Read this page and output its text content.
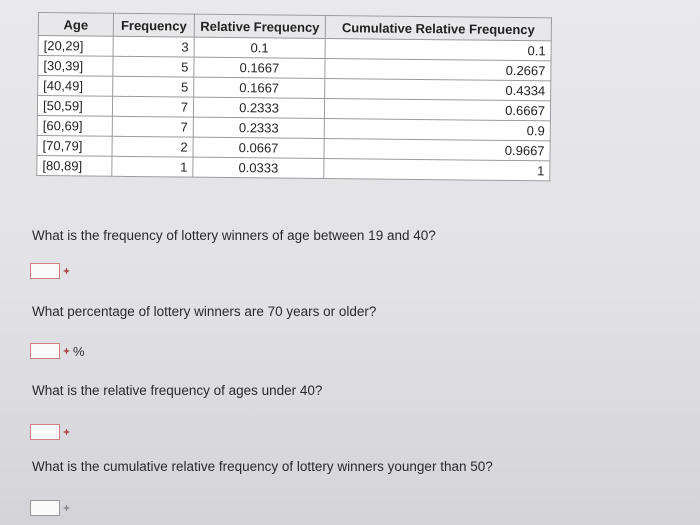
Age	Frequency	Relative Frequency	Cumulative Relative Frequency
[20,29]	3	0.1	0.1
[30,39]	5	0.1667	0.2667
[40,49]	5	0.1667	0.4334
[50,59]	7	0.2333	0.6667
[60,69]	7	0.2333	0.9
[70,79]	2	0.0667	0.9667
[80,89]	1	0.0333	1
What is the frequency of lottery winners of age between 19 and 40?
What percentage of lottery winners are 70 years or older?
%
What is the relative frequency of ages under 40?
What is the cumulative relative frequency of lottery winners younger than 50?
